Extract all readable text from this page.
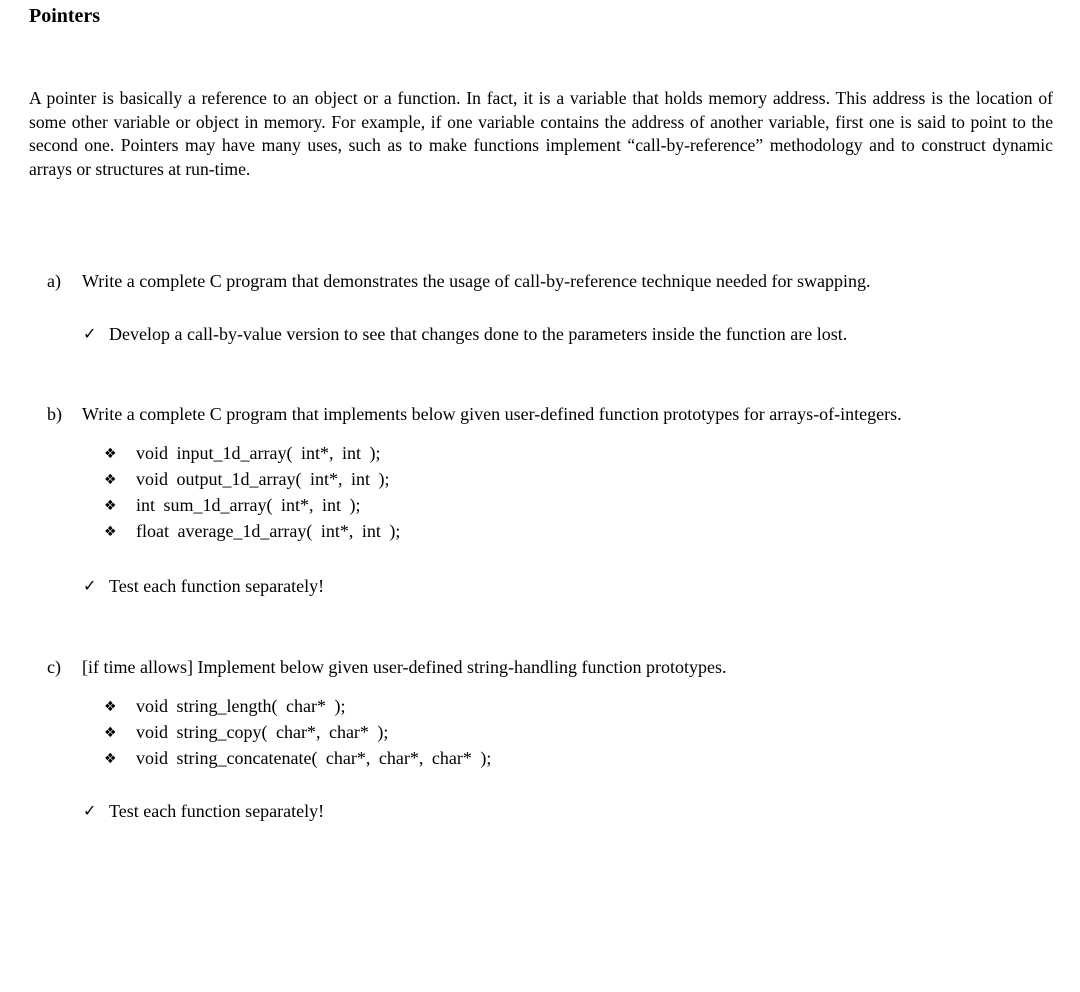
Pointers
A pointer is basically a reference to an object or a function. In fact, it is a variable that holds memory address. This address is the location of some other variable or object in memory. For example, if one variable contains the address of another variable, first one is said to point to the second one. Pointers may have many uses, such as to make functions implement “call-by-reference” methodology and to construct dynamic arrays or structures at run-time.
a) Write a complete C program that demonstrates the usage of call-by-reference technique needed for swapping.
✓ Develop a call-by-value version to see that changes done to the parameters inside the function are lost.
b) Write a complete C program that implements below given user-defined function prototypes for arrays-of-integers.
❖ void input_1d_array( int*, int );
❖ void output_1d_array( int*, int );
❖ int sum_1d_array( int*, int );
❖ float average_1d_array( int*, int );
✓ Test each function separately!
c) [if time allows] Implement below given user-defined string-handling function prototypes.
❖ void string_length( char* );
❖ void string_copy( char*, char* );
❖ void string_concatenate( char*, char*, char* );
✓ Test each function separately!
